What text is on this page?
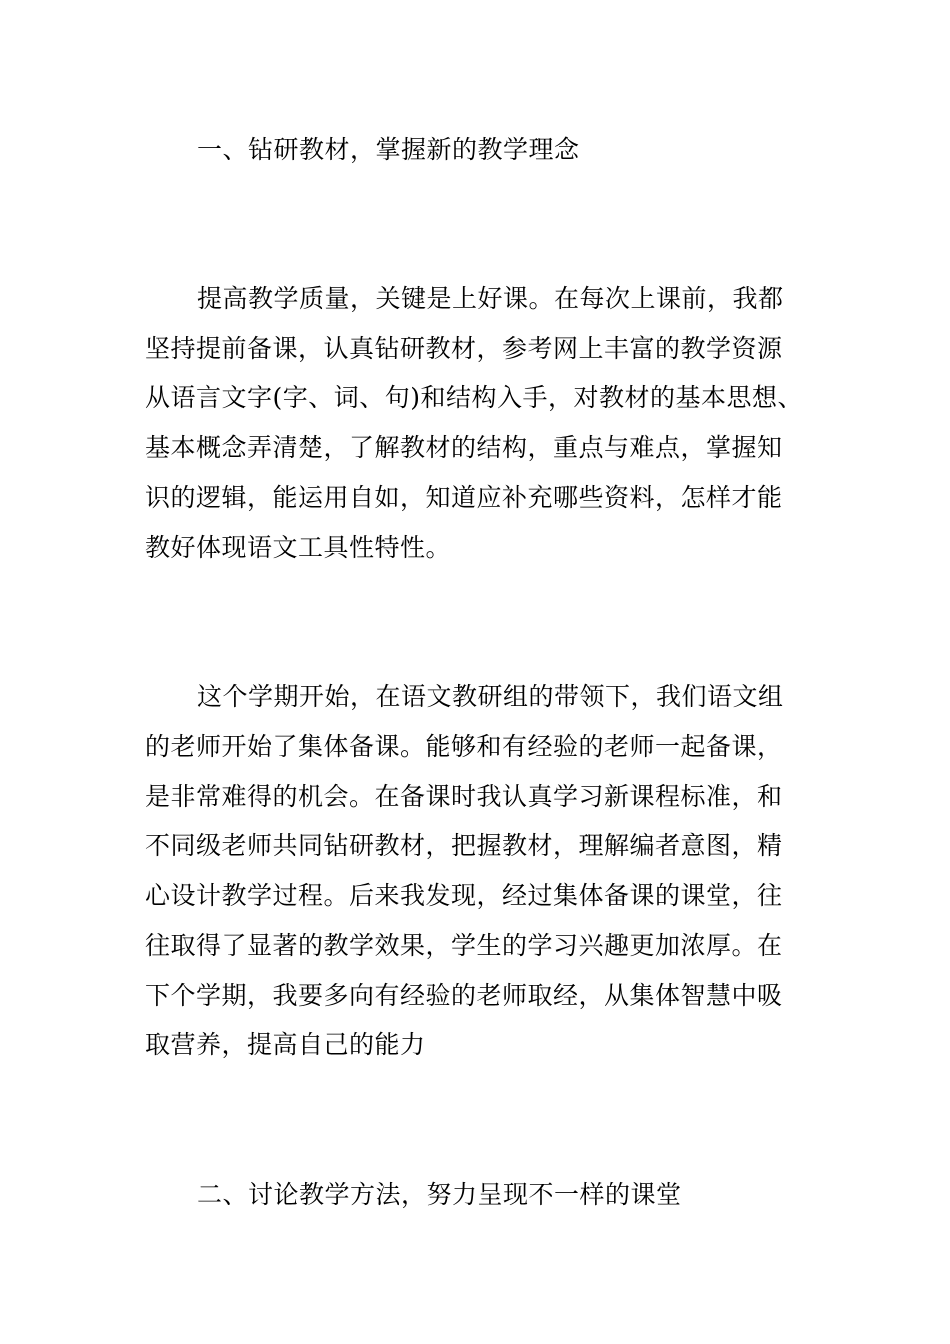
一、钻研教材，掌握新的教学理念
提高教学质量，关键是上好课。在每次上课前，我都
坚持提前备课，认真钻研教材，参考网上丰富的教学资源
从语言文字(字、词、句)和结构入手，对教材的基本思想、
基本概念弄清楚，了解教材的结构，重点与难点，掌握知
识的逻辑，能运用自如，知道应补充哪些资料，怎样才能
教好体现语文工具性特性。
这个学期开始，在语文教研组的带领下，我们语文组
的老师开始了集体备课。能够和有经验的老师一起备课，
是非常难得的机会。在备课时我认真学习新课程标准，和
不同级老师共同钻研教材，把握教材，理解编者意图，精
心设计教学过程。后来我发现，经过集体备课的课堂，往
往取得了显著的教学效果，学生的学习兴趣更加浓厚。在
下个学期，我要多向有经验的老师取经，从集体智慧中吸
取营养，提高自己的能力
二、讨论教学方法，努力呈现不一样的课堂
